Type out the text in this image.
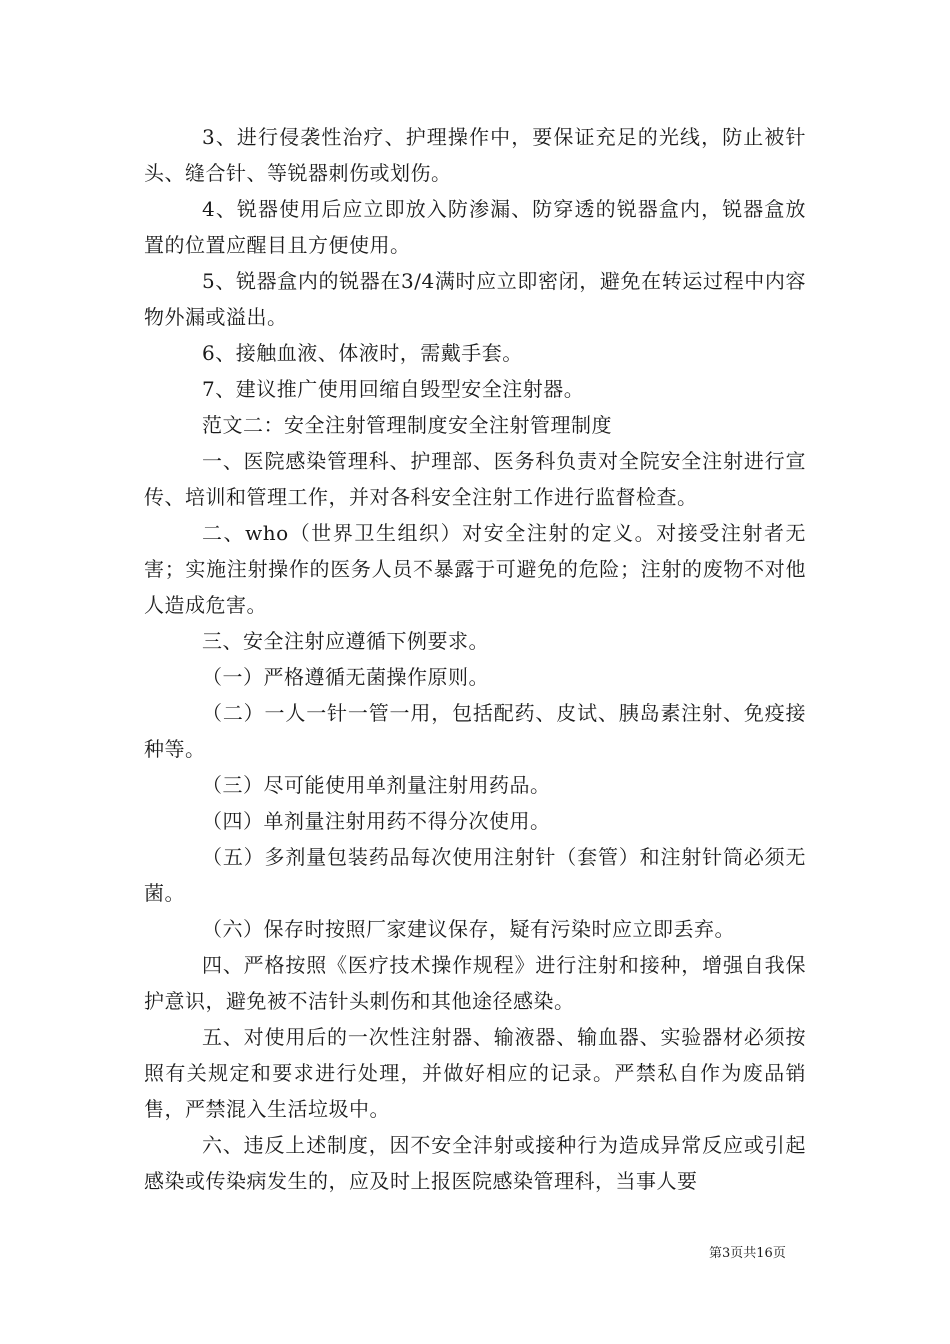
3、进行侵袭性治疗、护理操作中，要保证充足的光线，防止被针头、缝合针、等锐器刺伤或划伤。

4、锐器使用后应立即放入防渗漏、防穿透的锐器盒内，锐器盒放置的位置应醒目且方便使用。

5、锐器盒内的锐器在3/4满时应立即密闭，避免在转运过程中内容物外漏或溢出。

6、接触血液、体液时，需戴手套。

7、建议推广使用回缩自毁型安全注射器。

范文二：安全注射管理制度安全注射管理制度

一、医院感染管理科、护理部、医务科负责对全院安全注射进行宣传、培训和管理工作，并对各科安全注射工作进行监督检查。

二、who（世界卫生组织）对安全注射的定义。对接受注射者无害；实施注射操作的医务人员不暴露于可避免的危险；注射的废物不对他人造成危害。

三、安全注射应遵循下例要求。

（一）严格遵循无菌操作原则。

（二）一人一针一管一用，包括配药、皮试、胰岛素注射、免疫接种等。

（三）尽可能使用单剂量注射用药品。

（四）单剂量注射用药不得分次使用。

（五）多剂量包装药品每次使用注射针（套管）和注射针筒必须无菌。

（六）保存时按照厂家建议保存，疑有污染时应立即丢弃。

四、严格按照《医疗技术操作规程》进行注射和接种，增强自我保护意识，避免被不洁针头刺伤和其他途径感染。

五、对使用后的一次性注射器、输液器、输血器、实验器材必须按照有关规定和要求进行处理，并做好相应的记录。严禁私自作为废品销售，严禁混入生活垃圾中。

六、违反上述制度，因不安全沣射或接种行为造成异常反应或引起感染或传染病发生的，应及时上报医院感染管理科，当事人要

第3页共16页
